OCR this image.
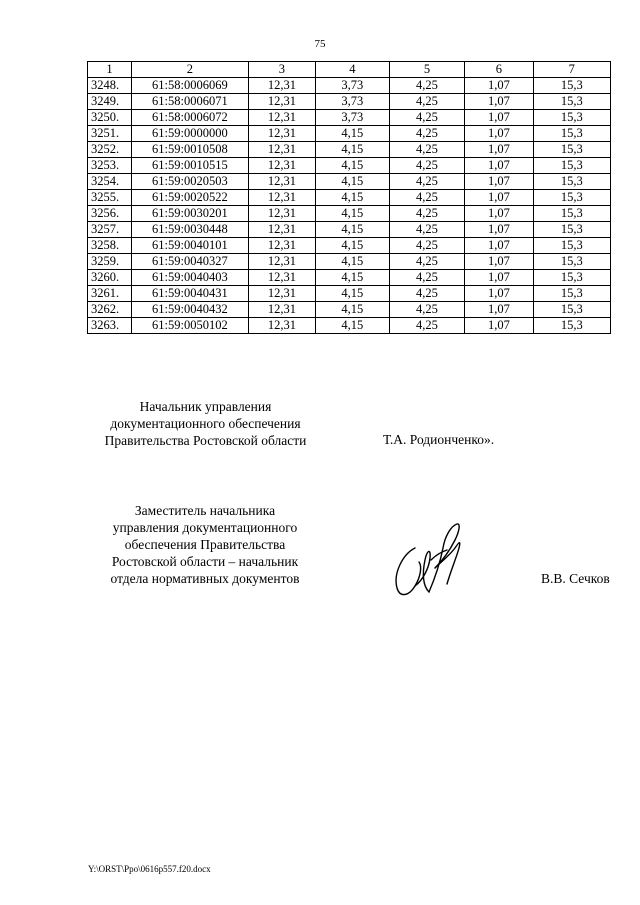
75
1	2	3	4	5	6	7
3248.	61:58:0006069	12,31	3,73	4,25	1,07	15,3
3249.	61:58:0006071	12,31	3,73	4,25	1,07	15,3
3250.	61:58:0006072	12,31	3,73	4,25	1,07	15,3
3251.	61:59:0000000	12,31	4,15	4,25	1,07	15,3
3252.	61:59:0010508	12,31	4,15	4,25	1,07	15,3
3253.	61:59:0010515	12,31	4,15	4,25	1,07	15,3
3254.	61:59:0020503	12,31	4,15	4,25	1,07	15,3
3255.	61:59:0020522	12,31	4,15	4,25	1,07	15,3
3256.	61:59:0030201	12,31	4,15	4,25	1,07	15,3
3257.	61:59:0030448	12,31	4,15	4,25	1,07	15,3
3258.	61:59:0040101	12,31	4,15	4,25	1,07	15,3
3259.	61:59:0040327	12,31	4,15	4,25	1,07	15,3
3260.	61:59:0040403	12,31	4,15	4,25	1,07	15,3
3261.	61:59:0040431	12,31	4,15	4,25	1,07	15,3
3262.	61:59:0040432	12,31	4,15	4,25	1,07	15,3
3263.	61:59:0050102	12,31	4,15	4,25	1,07	15,3
Начальник управления
документационного обеспечения
Правительства Ростовской области	Т.А. Родионченко».
Заместитель начальника
управления документационного
обеспечения Правительства
Ростовской области – начальник
отдела нормативных документов	В.В. Сечков
Y:\ORST\Ppo\0616p557.f20.docx
